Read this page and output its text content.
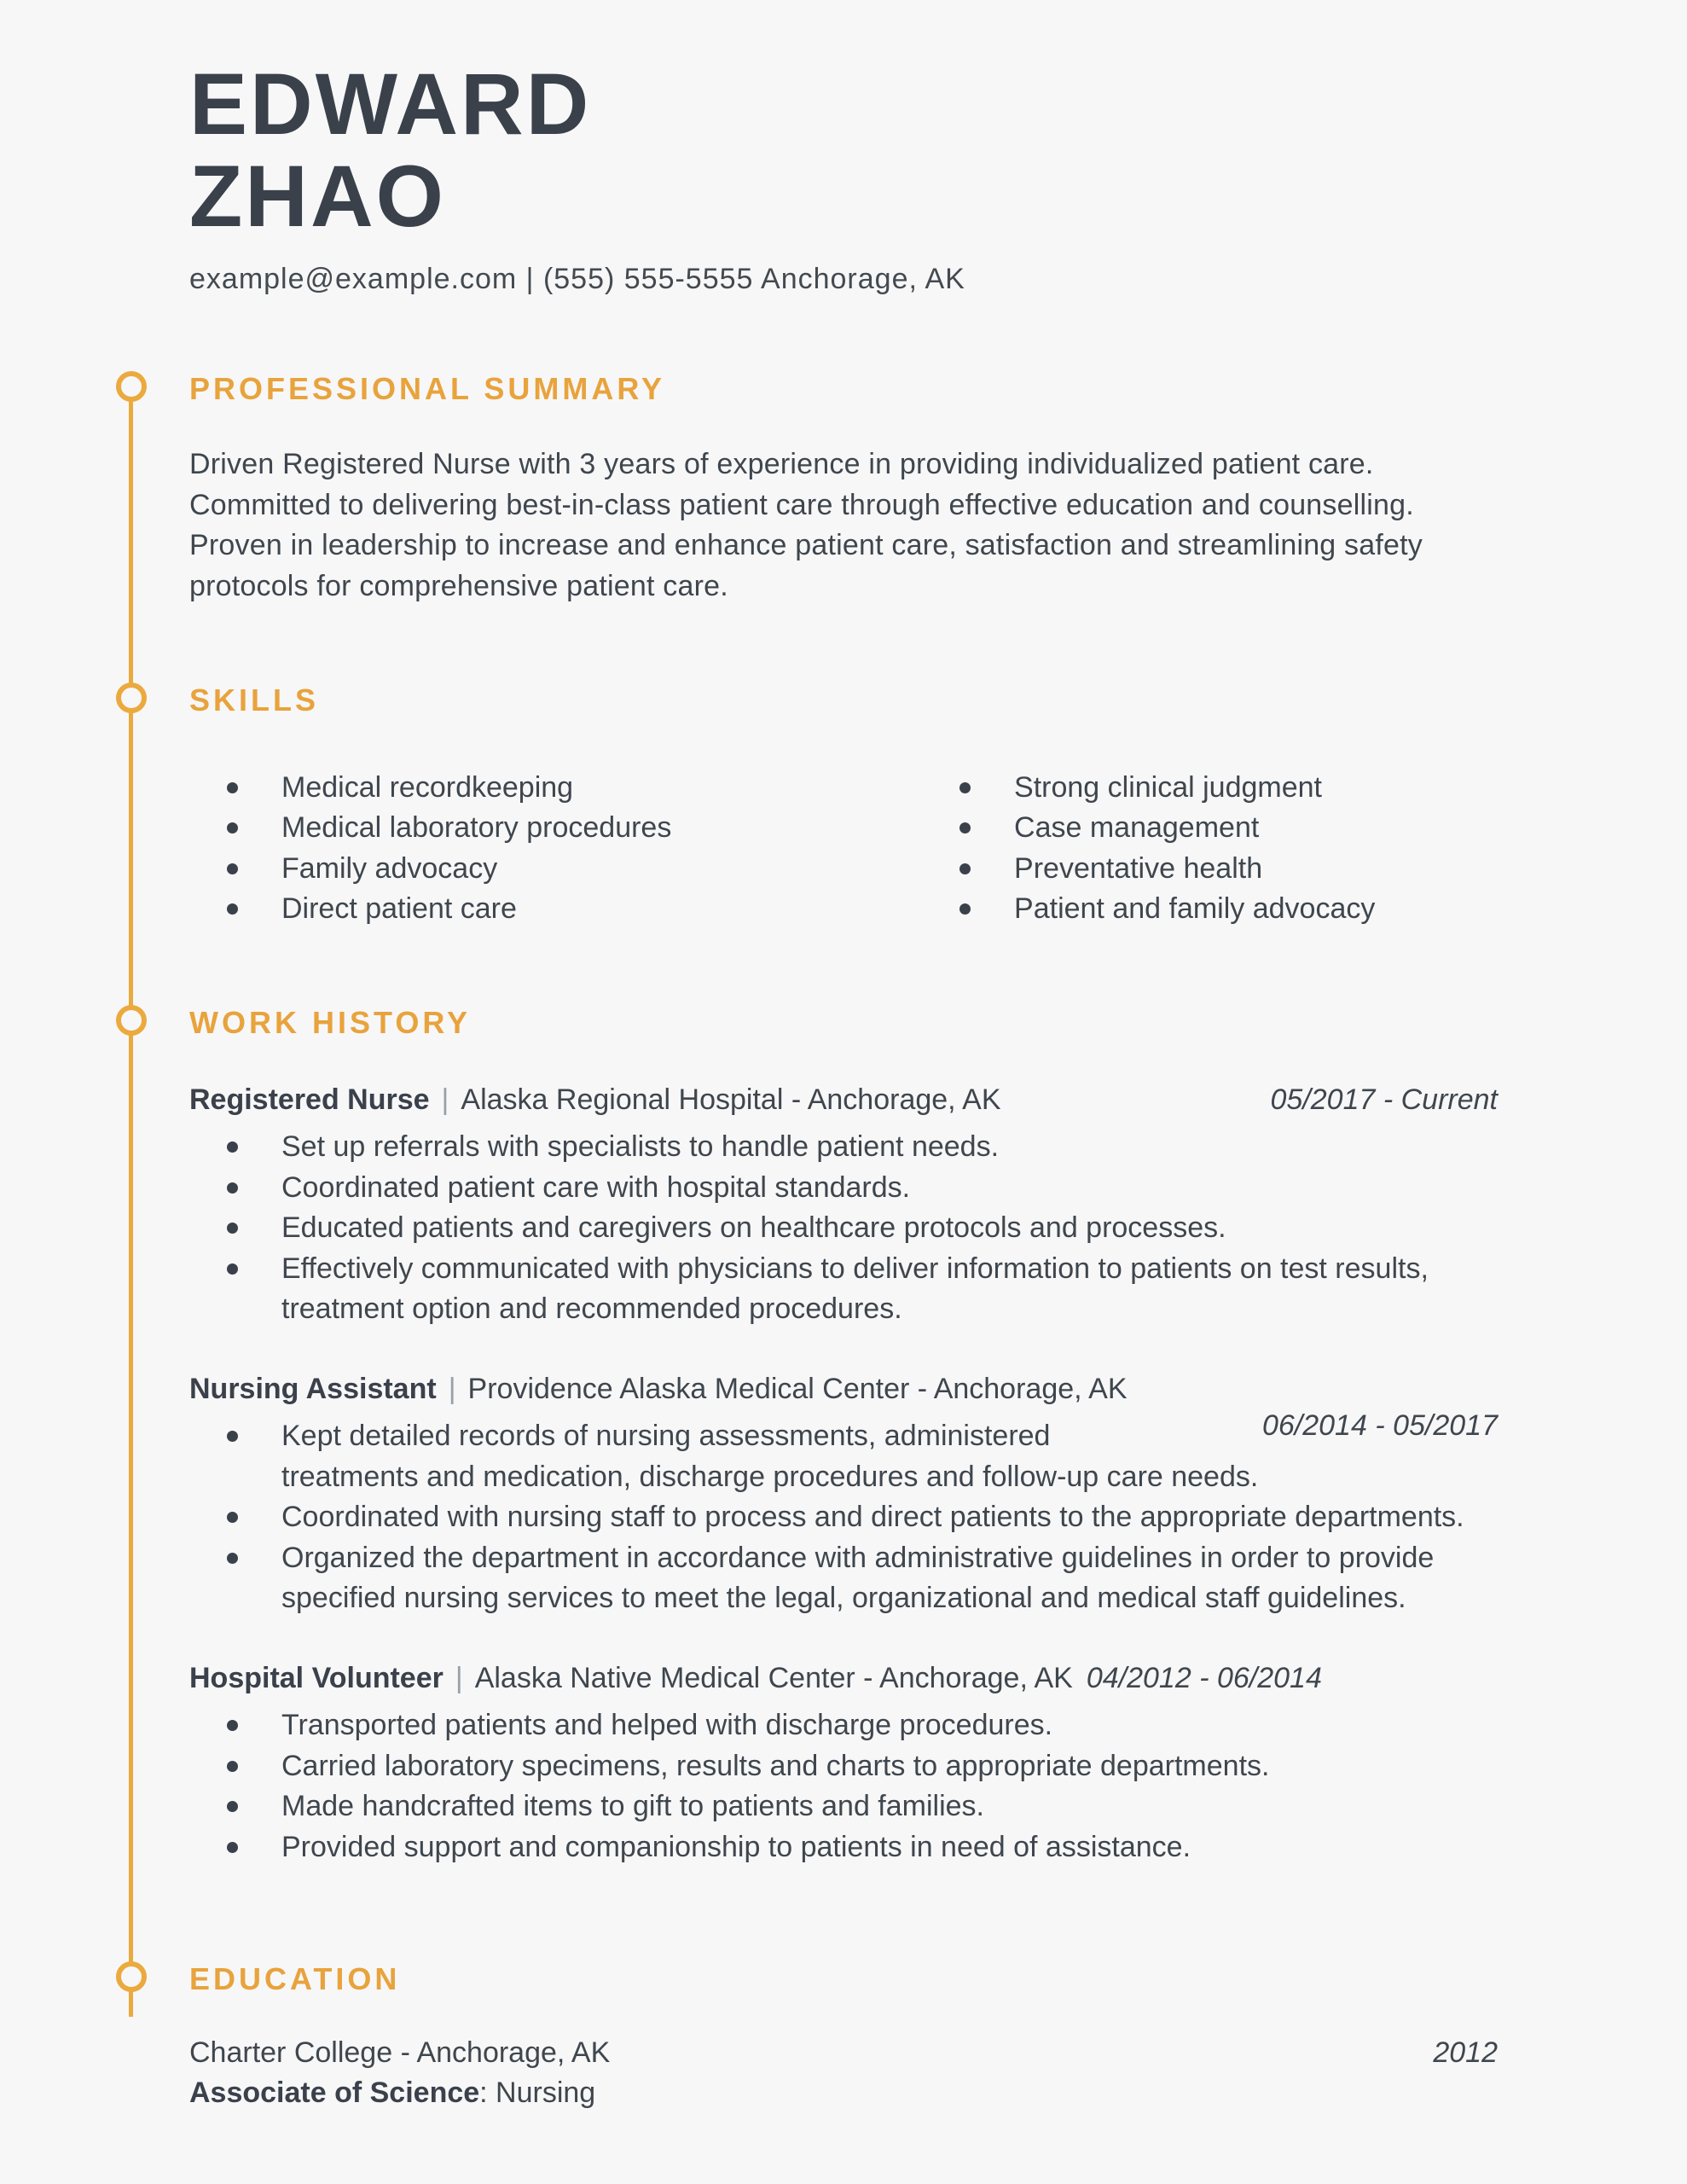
EDWARD
ZHAO
example@example.com | (555) 555-5555 Anchorage, AK
PROFESSIONAL SUMMARY

Driven Registered Nurse with 3 years of experience in providing individualized patient care. Committed to delivering best-in-class patient care through effective education and counselling. Proven in leadership to increase and enhance patient care, satisfaction and streamlining safety protocols for comprehensive patient care.

SKILLS
Medical recordkeeping
Medical laboratory procedures
Family advocacy
Direct patient care
Strong clinical judgment
Case management
Preventative health
Patient and family advocacy
WORK HISTORY
Registered Nurse | Alaska Regional Hospital - Anchorage, AK	05/2017 - Current
Set up referrals with specialists to handle patient needs.
Coordinated patient care with hospital standards.
Educated patients and caregivers on healthcare protocols and processes.
Effectively communicated with physicians to deliver information to patients on test results, treatment option and recommended procedures.
Nursing Assistant | Providence Alaska Medical Center - Anchorage, AK
06/2014 - 05/2017
Kept detailed records of nursing assessments, administered treatments and medication, discharge procedures and follow-up care needs.
Coordinated with nursing staff to process and direct patients to the appropriate departments.
Organized the department in accordance with administrative guidelines in order to provide specified nursing services to meet the legal, organizational and medical staff guidelines.
Hospital Volunteer | Alaska Native Medical Center - Anchorage, AK 04/2012 - 06/2014
Transported patients and helped with discharge procedures.
Carried laboratory specimens, results and charts to appropriate departments.
Made handcrafted items to gift to patients and families.
Provided support and companionship to patients in need of assistance.
EDUCATION
Charter College - Anchorage, AK	2012
Associate of Science: Nursing
